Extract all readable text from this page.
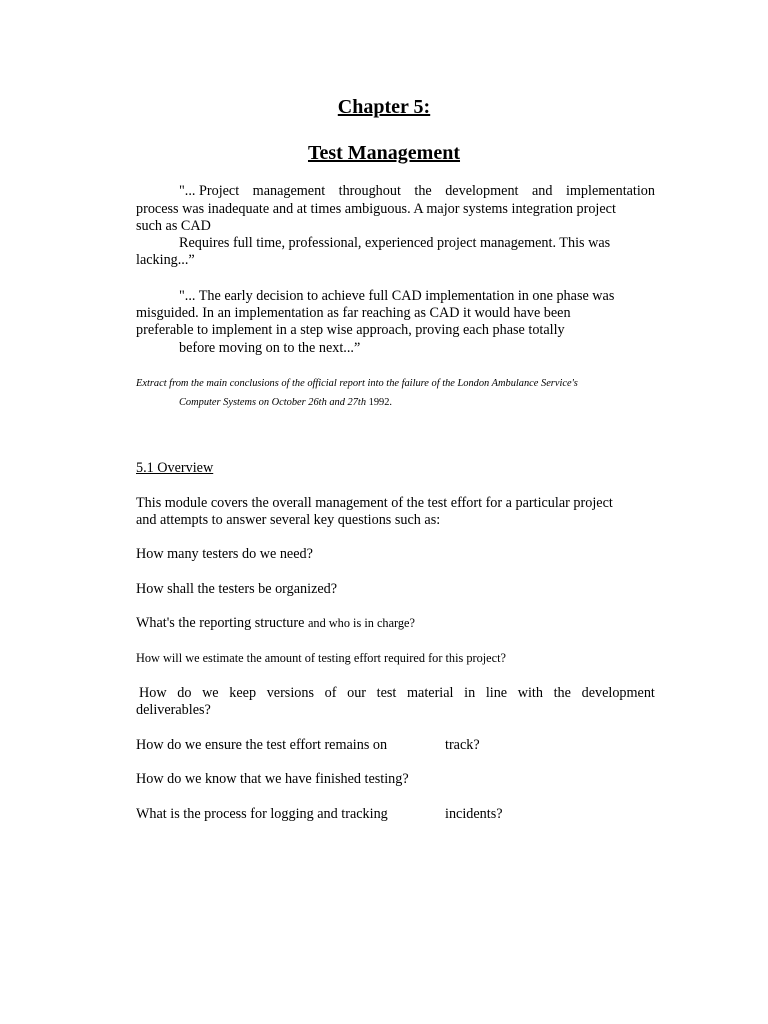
Chapter 5:

Test Management

"... Project management throughout the development and implementation

process was inadequate and at times ambiguous. A major systems integration project

such as CAD

Requires full time, professional, experienced project management. This was

lacking...”

"... The early decision to achieve full CAD implementation in one phase was

misguided. In an implementation as far reaching as CAD it would have been

preferable to implement in a step wise approach, proving each phase totally

before moving on to the next...”

Extract from the main conclusions of the official report into the failure of the London Ambulance Service's

Computer Systems on October 26th and 27th 1992.

5.1 Overview

This module covers the overall management of the test effort for a particular project

and attempts to answer several key questions such as:

How many testers do we need?

How shall the testers be organized?

What's the reporting structure and who is in charge?

How will we estimate the amount of testing effort required for this project?

How do we keep versions of our test material in line with the development

deliverables?

How do we ensure the test effort remains on	track?

How do we know that we have finished testing?

What is the process for logging and tracking	incidents?
